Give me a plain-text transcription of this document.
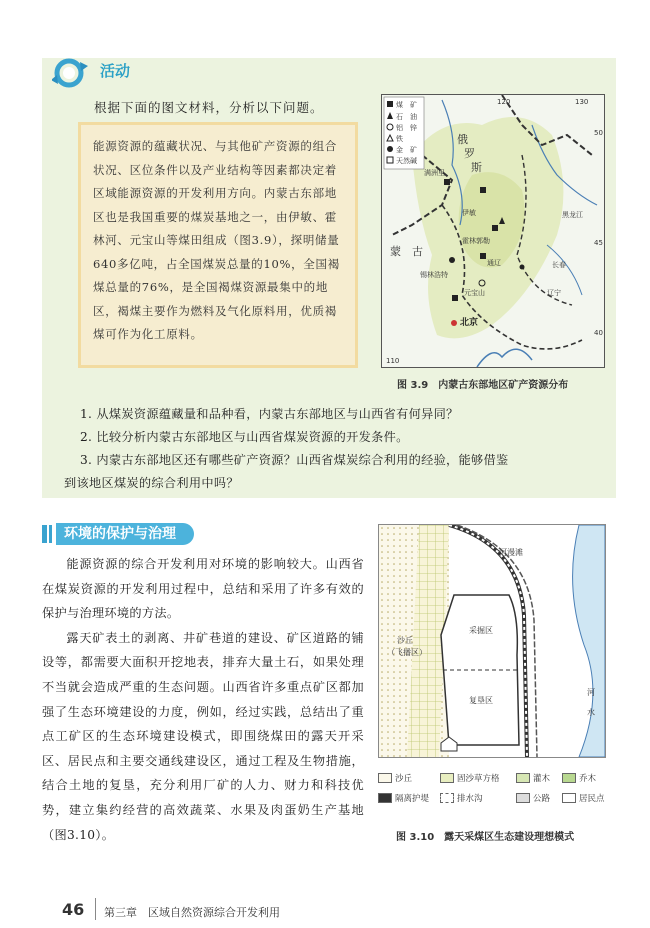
活动
根据下面的图文材料，分析以下问题。

能源资源的蕴藏状况、与其他矿产资源的组合状况、区位条件以及产业结构等因素都决定着区域能源资源的开发利用方向。内蒙古东部地区也是我国重要的煤炭基地之一，由伊敏、霍林河、元宝山等煤田组成（图3.9），探明储量640多亿吨，占全国煤炭总量的10%，全国褐煤总量的76%，是全国褐煤资源最集中的地区，褐煤主要作为燃料及气化原料用，优质褐煤可作为化工原料。

煤　矿
石　油
铝　锌
铁
金　矿
天然碱
120	130
50
45
40
110
俄
罗
斯
蒙 古
黑龙江
辽宁
长春
北京
满洲里
伊敏
霍林郭勒
锡林浩特
通辽
元宝山
图 3.9　内蒙古东部地区矿产资源分布
1. 从煤炭资源蕴藏量和品种看，内蒙古东部地区与山西省有何异同？
2. 比较分析内蒙古东部地区与山西省煤炭资源的开发条件。
3. 内蒙古东部地区还有哪些矿产资源？山西省煤炭综合利用的经验，能够借鉴
到该地区煤炭的综合利用中吗？
环境的保护与治理

能源资源的综合开发利用对环境的影响较大。山西省在煤炭资源的开发利用过程中，总结和采用了许多有效的保护与治理环境的方法。

露天矿表土的剥离、井矿巷道的建设、矿区道路的铺设等，都需要大面积开挖地表，排弃大量土石，如果处理不当就会造成严重的生态问题。山西省许多重点矿区都加强了生态环境建设的力度，例如，经过实践，总结出了重点工矿区的生态环境建设模式，即围绕煤田的露天开采区、居民点和主要交通线建设区，通过工程及生物措施，结合土地的复垦，充分利用厂矿的人力、财力和科技优势，建立集约经营的高效蔬菜、水果及肉蛋奶生产基地（图3.10）。

河漫滩
采掘区
复垦区
沙丘
（飞播区）
河
水
沙丘	固沙草方格	灌木	乔木
隔离护堤	排水沟	公路	居民点
图 3.10　露天采煤区生态建设理想模式
46 第三章　区域自然资源综合开发利用
